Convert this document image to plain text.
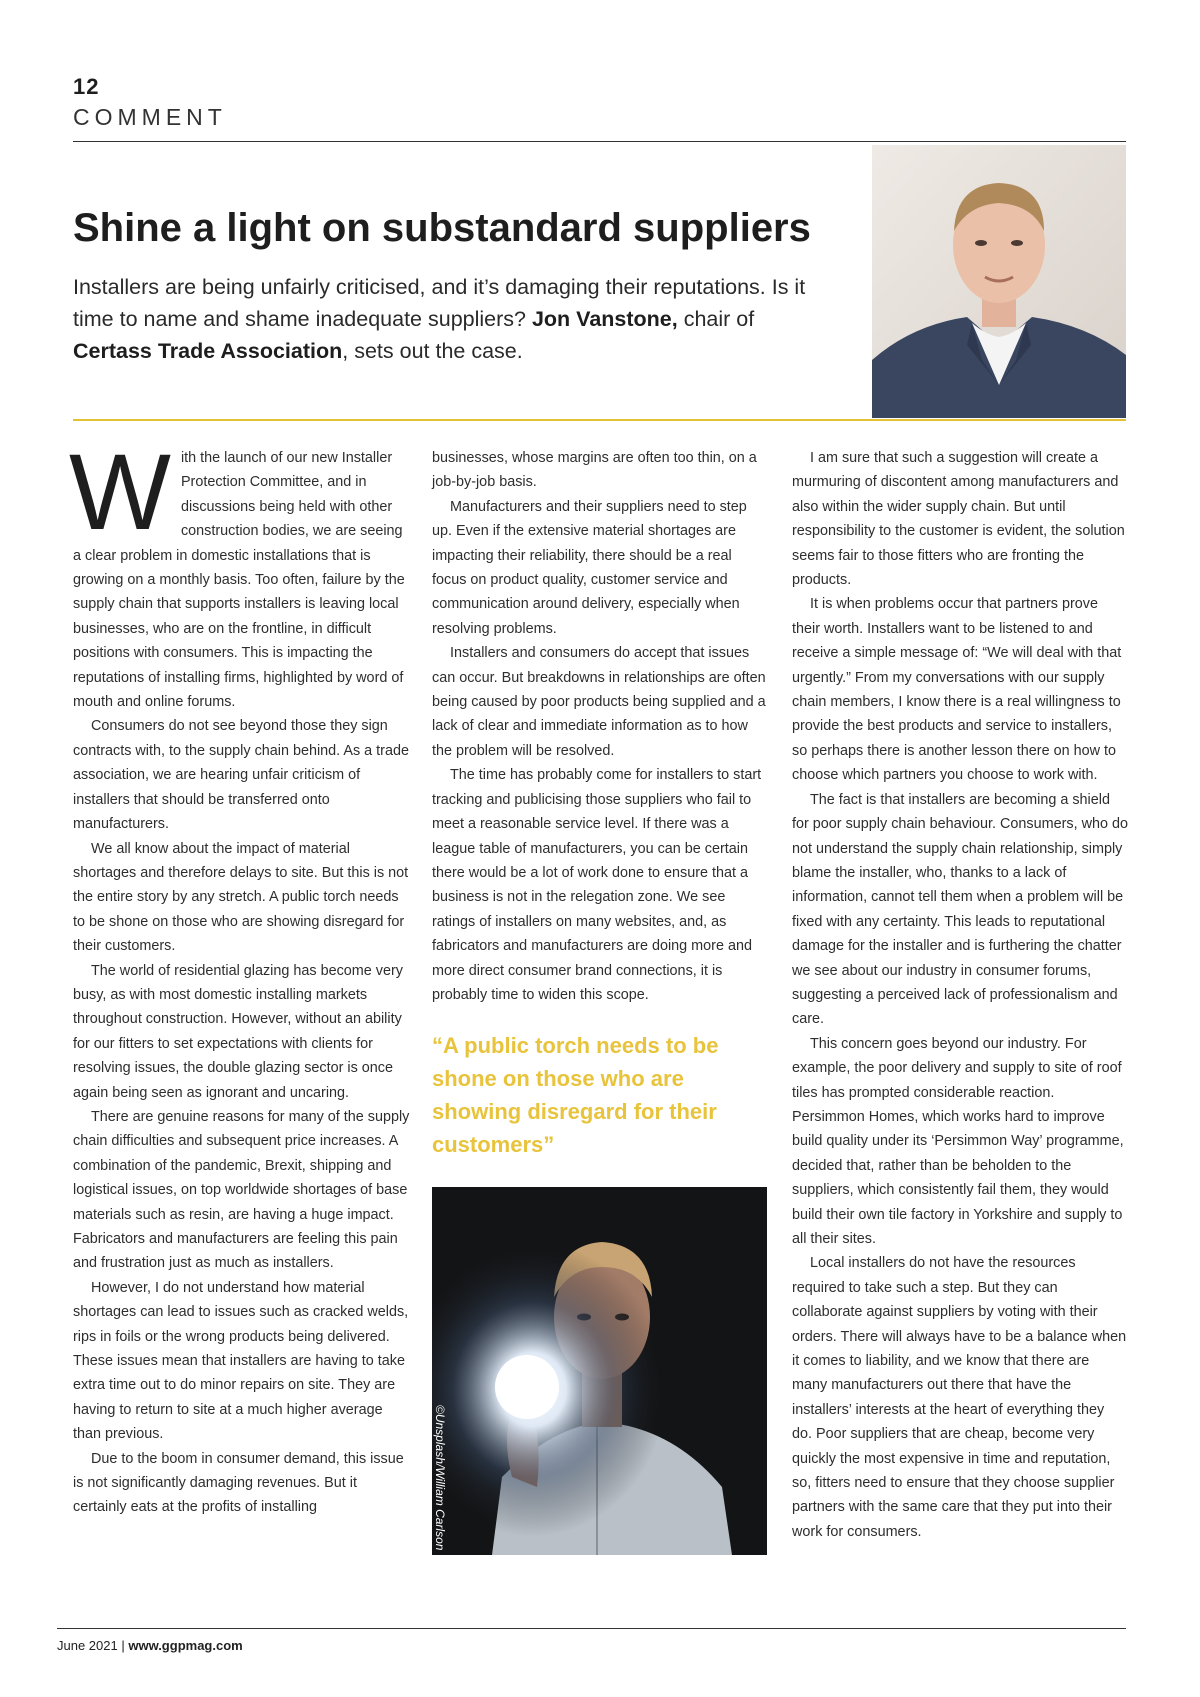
12
COMMENT
Shine a light on substandard suppliers

Installers are being unfairly criticised, and it’s damaging their reputations. Is it time to name and shame inadequate suppliers? Jon Vanstone, chair of Certass Trade Association, sets out the case.

With the launch of our new Installer Protection Committee, and in discussions being held with other construction bodies, we are seeing a clear problem in domestic installations that is growing on a monthly basis. Too often, failure by the supply chain that supports installers is leaving local businesses, who are on the frontline, in difficult positions with consumers. This is impacting the reputations of installing firms, highlighted by word of mouth and online forums.

Consumers do not see beyond those they sign contracts with, to the supply chain behind. As a trade association, we are hearing unfair criticism of installers that should be transferred onto manufacturers.

We all know about the impact of material shortages and therefore delays to site. But this is not the entire story by any stretch. A public torch needs to be shone on those who are showing disregard for their customers.

The world of residential glazing has become very busy, as with most domestic installing markets throughout construction. However, without an ability for our fitters to set expectations with clients for resolving issues, the double glazing sector is once again being seen as ignorant and uncaring.

There are genuine reasons for many of the supply chain difficulties and subsequent price increases. A combination of the pandemic, Brexit, shipping and logistical issues, on top worldwide shortages of base materials such as resin, are having a huge impact. Fabricators and manufacturers are feeling this pain and frustration just as much as installers.

However, I do not understand how material shortages can lead to issues such as cracked welds, rips in foils or the wrong products being delivered. These issues mean that installers are having to take extra time out to do minor repairs on site. They are having to return to site at a much higher average than previous.

Due to the boom in consumer demand, this issue is not significantly damaging revenues. But it certainly eats at the profits of installing

businesses, whose margins are often too thin, on a job-by-job basis.

Manufacturers and their suppliers need to step up. Even if the extensive material shortages are impacting their reliability, there should be a real focus on product quality, customer service and communication around delivery, especially when resolving problems.

Installers and consumers do accept that issues can occur. But breakdowns in relationships are often being caused by poor products being supplied and a lack of clear and immediate information as to how the problem will be resolved.

The time has probably come for installers to start tracking and publicising those suppliers who fail to meet a reasonable service level. If there was a league table of manufacturers, you can be certain there would be a lot of work done to ensure that a business is not in the relegation zone. We see ratings of installers on many websites, and, as fabricators and manufacturers are doing more and more direct consumer brand connections, it is probably time to widen this scope.

“A public torch needs to be shone on those who are showing disregard for their customers”
©Unsplash/William Carlson

I am sure that such a suggestion will create a murmuring of discontent among manufacturers and also within the wider supply chain. But until responsibility to the customer is evident, the solution seems fair to those fitters who are fronting the products.

It is when problems occur that partners prove their worth. Installers want to be listened to and receive a simple message of: “We will deal with that urgently.” From my conversations with our supply chain members, I know there is a real willingness to provide the best products and service to installers, so perhaps there is another lesson there on how to choose which partners you choose to work with.

The fact is that installers are becoming a shield for poor supply chain behaviour. Consumers, who do not understand the supply chain relationship, simply blame the installer, who, thanks to a lack of information, cannot tell them when a problem will be fixed with any certainty. This leads to reputational damage for the installer and is furthering the chatter we see about our industry in consumer forums, suggesting a perceived lack of professionalism and care.

This concern goes beyond our industry. For example, the poor delivery and supply to site of roof tiles has prompted considerable reaction. Persimmon Homes, which works hard to improve build quality under its ‘Persimmon Way’ programme, decided that, rather than be beholden to the suppliers, which consistently fail them, they would build their own tile factory in Yorkshire and supply to all their sites.

Local installers do not have the resources required to take such a step. But they can collaborate against suppliers by voting with their orders. There will always have to be a balance when it comes to liability, and we know that there are many manufacturers out there that have the installers’ interests at the heart of everything they do. Poor suppliers that are cheap, become very quickly the most expensive in time and reputation, so, fitters need to ensure that they choose supplier partners with the same care that they put into their work for consumers.

June 2021 | www.ggpmag.com
